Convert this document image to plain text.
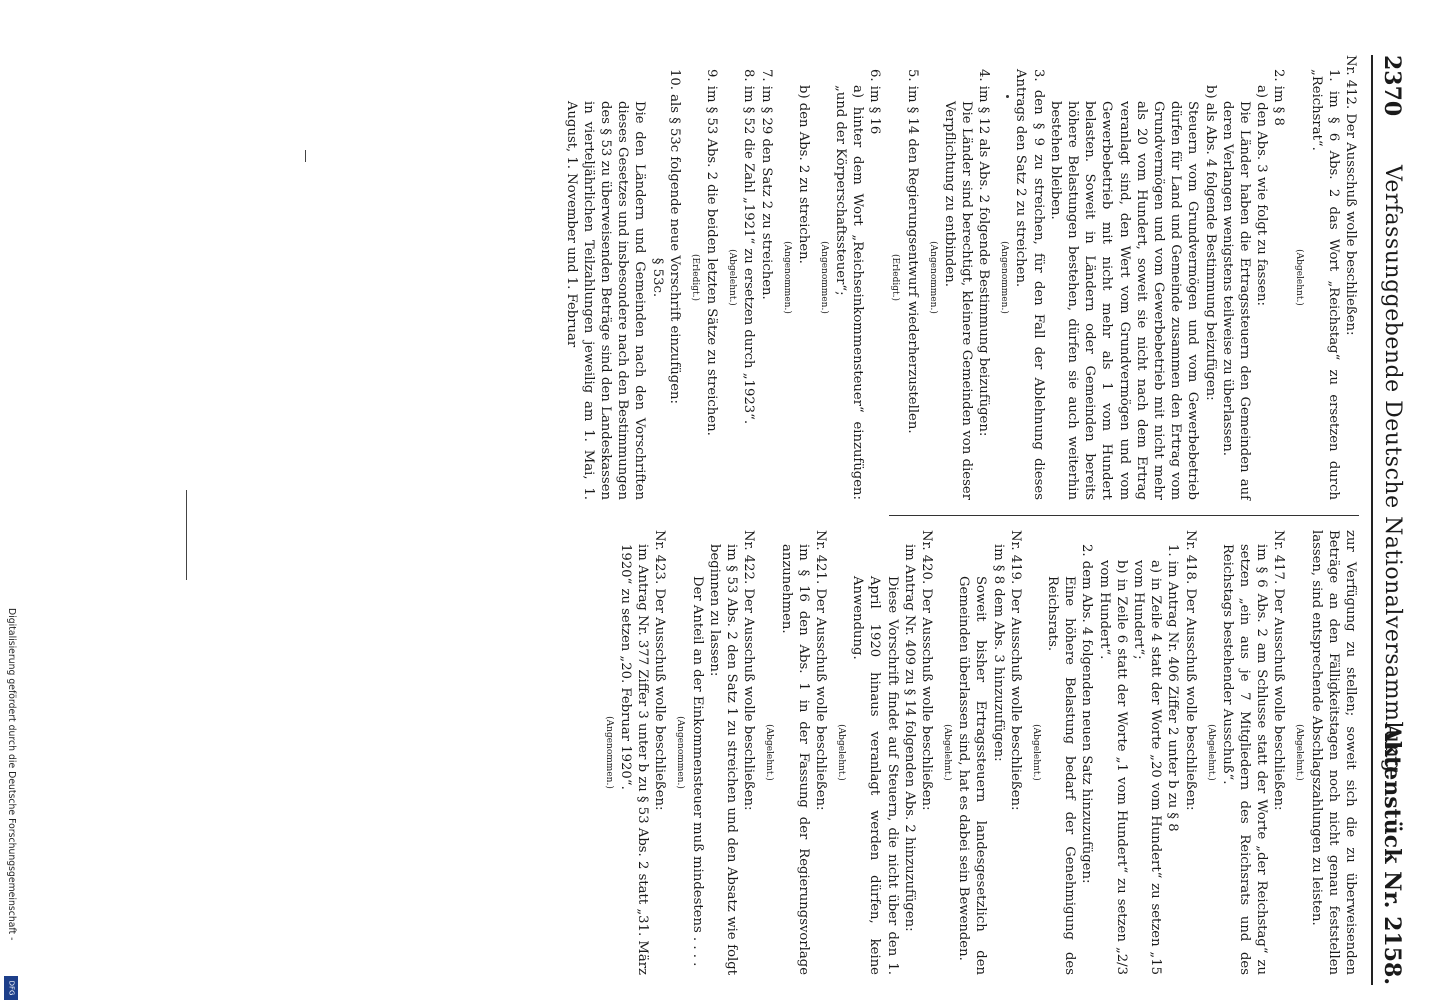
2370
Verfassunggebende Deutsche Nationalversammlung.
Aktenstück Nr. 2158.
Nr. 412. Der Ausschuß wolle beschließen:
1. im § 6 Abs. 2 das Wort „Reichstag“ zu ersetzen durch „Reichsrat“.
(Abgelehnt.)
2. im § 8
a) den Abs. 3 wie folgt zu fassen:
Die Länder haben die Ertragssteuern den Gemeinden auf deren Verlangen wenigstens teilweise zu überlassen.
b) als Abs. 4 folgende Bestimmung beizufügen:
Steuern vom Grundvermögen und vom Gewerbebetrieb dürfen für Land und Gemeinde zusammen den Ertrag vom Grundvermögen und vom Gewerbebetrieb mit nicht mehr als 20 vom Hundert, soweit sie nicht nach dem Ertrag veranlagt sind, den Wert vom Grundvermögen und vom Gewerbebetrieb mit nicht mehr als 1 vom Hundert belasten. Soweit in Ländern oder Gemeinden bereits höhere Belastungen bestehen, dürfen sie auch weiterhin bestehen bleiben.
3. den § 9 zu streichen, für den Fall der Ablehnung dieses Antrags den Satz 2 zu streichen.
(Angenommen.)
4. im § 12 als Abs. 2 folgende Bestimmung beizufügen:
Die Länder sind berechtigt, kleinere Gemeinden von dieser Verpflichtung zu entbinden.
(Angenommen.)
5. im § 14 den Regierungsentwurf wiederherzustellen.
(Erledigt.)
6. im § 16
a) hinter dem Wort „Reichseinkommensteuer“ einzufügen: „und der Körperschaftssteuer“;
(Angenommen.)
b) den Abs. 2 zu streichen.
(Angenommen.)
7. im § 29 den Satz 2 zu streichen.
8. im § 52 die Zahl „1921“ zu ersetzen durch „1923“.
(Abgelehnt.)
9. im § 53 Abs. 2 die beiden letzten Sätze zu streichen.
(Erledigt.)
10. als § 53c folgende neue Vorschrift einzufügen:
§ 53c.
Die den Ländern und Gemeinden nach den Vorschriften dieses Gesetzes und insbesondere nach den Bestimmungen des § 53 zu überweisenden Beträge sind den Landeskassen in vierteljährlichen Teilzahlungen jeweilig am 1. Mai, 1. August, 1. November und 1. Februar
zur Verfügung zu stellen; soweit sich die zu überweisenden Beträge an den Fälligkeitstagen noch nicht genau feststellen lassen, sind entsprechende Abschlagszahlungen zu leisten.
(Abgelehnt.)
Nr. 417. Der Ausschuß wolle beschließen:
im § 6 Abs. 2 am Schlusse statt der Worte „der Reichstag“ zu setzen „ein aus je 7 Mitgliedern des Reichsrats und des Reichstags bestehender Ausschuß“.
(Abgelehnt.)
Nr. 418. Der Ausschuß wolle beschließen:
1. im Antrag Nr. 406 Ziffer 2 unter b zu § 8
a) in Zeile 4 statt der Worte „20 vom Hundert“ zu setzen „15 vom Hundert“;
b) in Zeile 6 statt der Worte „1 vom Hundert“ zu setzen „2/3 vom Hundert“.
2. dem Abs. 4 folgenden neuen Satz hinzuzufügen:
Eine höhere Belastung bedarf der Genehmigung des Reichsrats.
(Abgelehnt.)
Nr. 419. Der Ausschuß wolle beschließen:
im § 8 dem Abs. 3 hinzuzufügen:
Soweit bisher Ertragssteuern landesgesetzlich den Gemeinden überlassen sind, hat es dabei sein Bewenden.
(Abgelehnt.)
Nr. 420. Der Ausschuß wolle beschließen:
im Antrag Nr. 409 zu § 14 folgenden Abs. 2 hinzuzufügen:
Diese Vorschrift findet auf Steuern, die nicht über den 1. April 1920 hinaus veranlagt werden dürfen, keine Anwendung.
(Abgelehnt.)
Nr. 421. Der Ausschuß wolle beschließen:
im § 16 den Abs. 1 in der Fassung der Regierungsvorlage anzunehmen.
(Abgelehnt.)
Nr. 422. Der Ausschuß wolle beschließen:
im § 53 Abs. 2 den Satz 1 zu streichen und den Absatz wie folgt beginnen zu lassen:
Der Anteil an der Einkommensteuer muß mindestens . . . .
(Angenommen.)
Nr. 423. Der Ausschuß wolle beschließen:
im Antrag Nr. 377 Ziffer 3 unter b zu § 53 Abs. 2 statt „31. März 1920“ zu setzen „20. Februar 1920“.
(Angenommen.)
Digitalisierung gefördert durch die Deutsche Forschungsgemeinschaft -
DFG
